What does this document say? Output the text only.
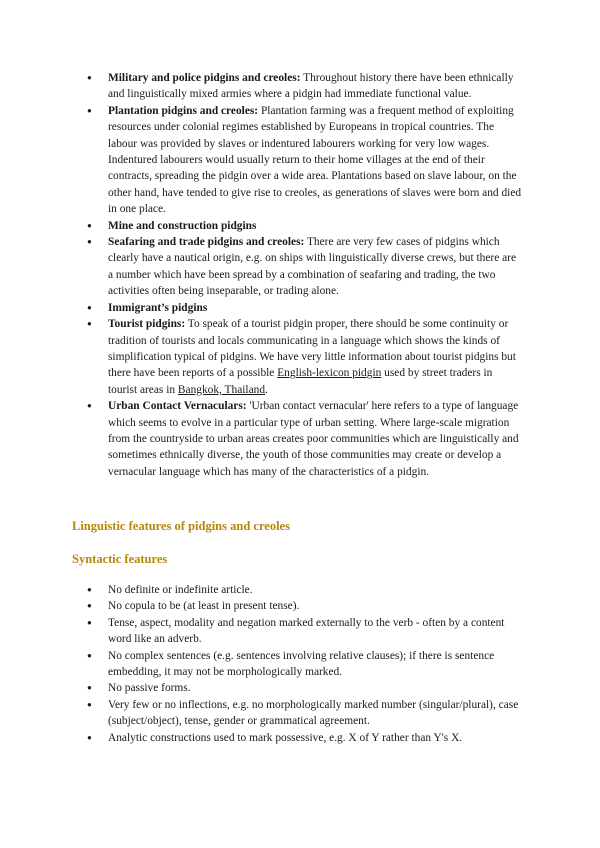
● Military and police pidgins and creoles: Throughout history there have been ethnically and linguistically mixed armies where a pidgin had immediate functional value.
● Plantation pidgins and creoles: Plantation farming was a frequent method of exploiting resources under colonial regimes established by Europeans in tropical countries. The labour was provided by slaves or indentured labourers working for very low wages. Indentured labourers would usually return to their home villages at the end of their contracts, spreading the pidgin over a wide area. Plantations based on slave labour, on the other hand, have tended to give rise to creoles, as generations of slaves were born and died in one place.
● Mine and construction pidgins
● Seafaring and trade pidgins and creoles: There are very few cases of pidgins which clearly have a nautical origin, e.g. on ships with linguistically diverse crews, but there are a number which have been spread by a combination of seafaring and trading, the two activities often being inseparable, or trading alone.
● Immigrant’s pidgins
● Tourist pidgins: To speak of a tourist pidgin proper, there should be some continuity or tradition of tourists and locals communicating in a language which shows the kinds of simplification typical of pidgins. We have very little information about tourist pidgins but there have been reports of a possible English-lexicon pidgin used by street traders in tourist areas in Bangkok, Thailand.
● Urban Contact Vernaculars: 'Urban contact vernacular' here refers to a type of language which seems to evolve in a particular type of urban setting. Where large-scale migration from the countryside to urban areas creates poor communities which are linguistically and sometimes ethnically diverse, the youth of those communities may create or develop a vernacular language which has many of the characteristics of a pidgin.
Linguistic features of pidgins and creoles
Syntactic features
● No definite or indefinite article.
● No copula to be (at least in present tense).
● Tense, aspect, modality and negation marked externally to the verb - often by a content word like an adverb.
● No complex sentences (e.g. sentences involving relative clauses); if there is sentence embedding, it may not be morphologically marked.
● No passive forms.
● Very few or no inflections, e.g. no morphologically marked number (singular/plural), case (subject/object), tense, gender or grammatical agreement.
● Analytic constructions used to mark possessive, e.g. X of Y rather than Y's X.
